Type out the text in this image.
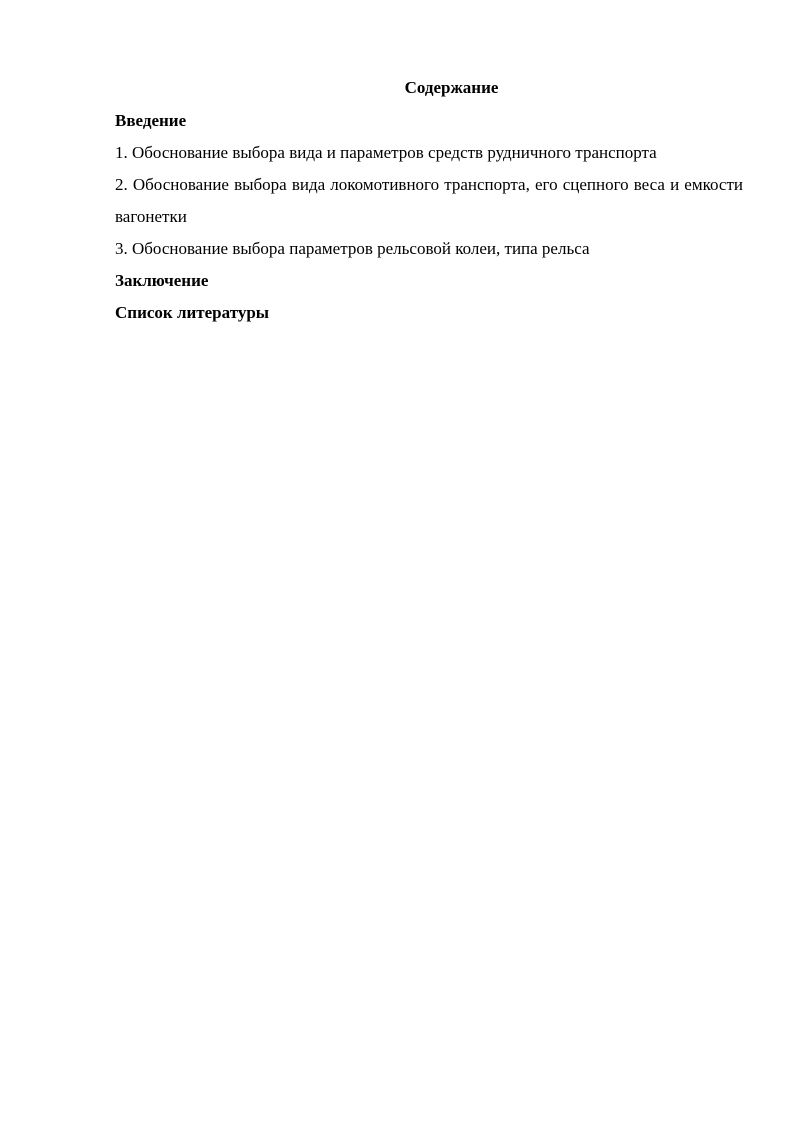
Содержание

Введение

1. Обоснование выбора вида и параметров средств рудничного транспорта

2. Обоснование выбора вида локомотивного транспорта, его сцепного веса и емкости вагонетки

3. Обоснование выбора параметров рельсовой колеи, типа рельса

Заключение

Список литературы
